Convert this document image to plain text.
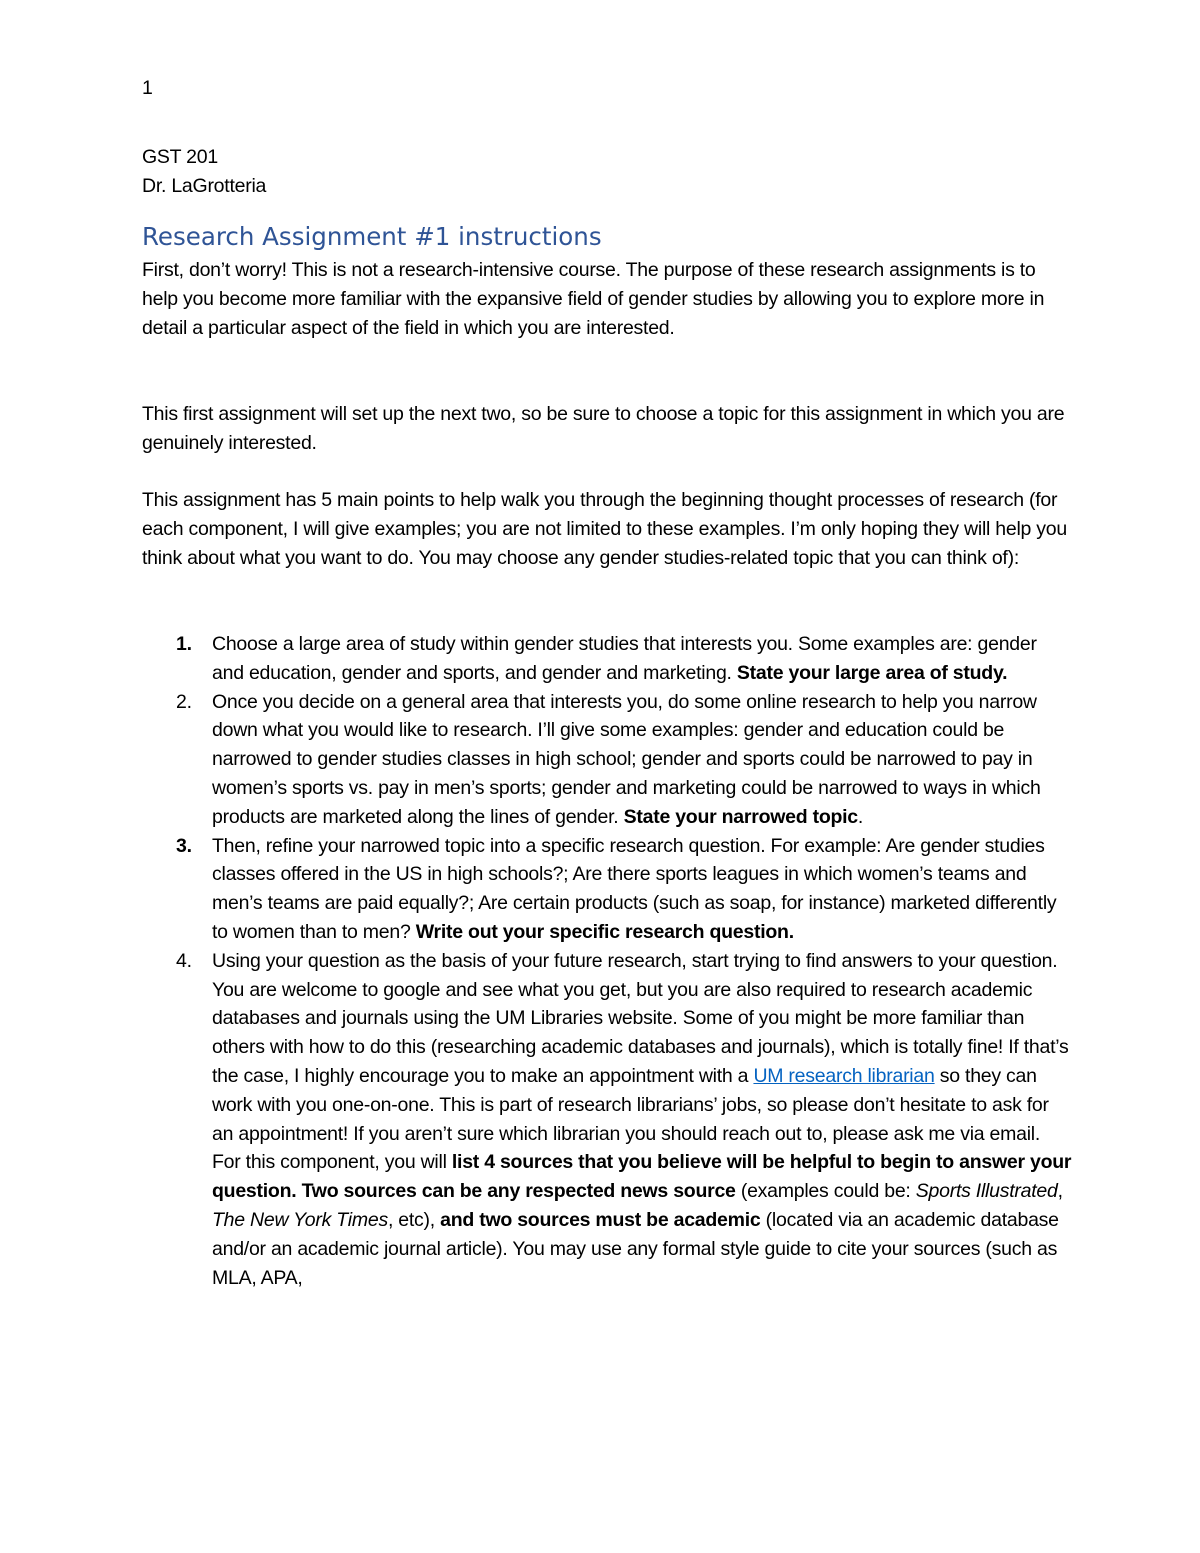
1
GST 201
Dr. LaGrotteria
Research Assignment #1 instructions

First, don’t worry! This is not a research-intensive course. The purpose of these research assignments is to help you become more familiar with the expansive field of gender studies by allowing you to explore more in detail a particular aspect of the field in which you are interested.

This first assignment will set up the next two, so be sure to choose a topic for this assignment in which you are genuinely interested.

This assignment has 5 main points to help walk you through the beginning thought processes of research (for each component, I will give examples; you are not limited to these examples. I’m only hoping they will help you think about what you want to do. You may choose any gender studies-related topic that you can think of):

1. Choose a large area of study within gender studies that interests you. Some examples are: gender and education, gender and sports, and gender and marketing. State your large area of study.
2. Once you decide on a general area that interests you, do some online research to help you narrow down what you would like to research. I’ll give some examples: gender and education could be narrowed to gender studies classes in high school; gender and sports could be narrowed to pay in women’s sports vs. pay in men’s sports; gender and marketing could be narrowed to ways in which products are marketed along the lines of gender. State your narrowed topic.
3. Then, refine your narrowed topic into a specific research question. For example: Are gender studies classes offered in the US in high schools?; Are there sports leagues in which women’s teams and men’s teams are paid equally?; Are certain products (such as soap, for instance) marketed differently to women than to men? Write out your specific research question.
4. Using your question as the basis of your future research, start trying to find answers to your question. You are welcome to google and see what you get, but you are also required to research academic databases and journals using the UM Libraries website. Some of you might be more familiar than others with how to do this (researching academic databases and journals), which is totally fine! If that’s the case, I highly encourage you to make an appointment with a UM research librarian so they can work with you one-on-one. This is part of research librarians’ jobs, so please don’t hesitate to ask for an appointment! If you aren’t sure which librarian you should reach out to, please ask me via email. For this component, you will list 4 sources that you believe will be helpful to begin to answer your question. Two sources can be any respected news source (examples could be: Sports Illustrated, The New York Times, etc), and two sources must be academic (located via an academic database and/or an academic journal article). You may use any formal style guide to cite your sources (such as MLA, APA,
